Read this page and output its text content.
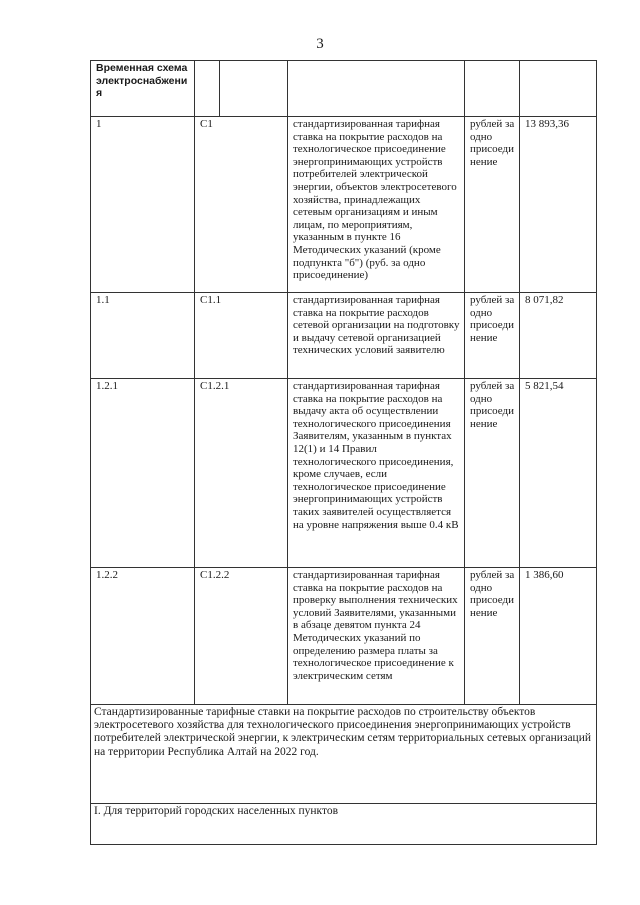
3
Временная схема электроснабжения					
1	С1		стандартизированная тарифная ставка на покрытие расходов на технологическое присоединение энергопринимающих устройств потребителей электрической энергии, объектов электросетевого хозяйства, принадлежащих сетевым организациям и иным лицам, по мероприятиям, указанным в пункте 16 Методических указаний (кроме подпункта "б") (руб. за одно присоединение)	рублей за одно присоединение	13 893,36
1.1	С1.1		стандартизированная тарифная ставка на покрытие расходов сетевой организации на подготовку и выдачу сетевой организацией технических условий заявителю	рублей за одно присоединение	8 071,82
1.2.1	С1.2.1		стандартизированная тарифная ставка на покрытие расходов на выдачу акта об осуществлении технологического присоединения Заявителям, указанным в пунктах 12(1) и 14 Правил технологического присоединения, кроме случаев, если технологическое присоединение энергопринимающих устройств таких заявителей осуществляется на уровне напряжения выше 0.4 кВ	рублей за одно присоединение	5 821,54
1.2.2	С1.2.2		стандартизированная тарифная ставка на покрытие расходов на проверку выполнения технических условий Заявителями, указанными в абзаце девятом пункта 24 Методических указаний по определению размера платы за технологическое присоединение к электрическим сетям	рублей за одно присоединение	1 386,60
Стандартизированные тарифные ставки на покрытие расходов по строительству объектов электросетевого хозяйства для технологического присоединения энергопринимающих устройств потребителей электрической энергии, к электрическим сетям территориальных сетевых организаций на территории Республика Алтай на 2022 год.					
I. Для территорий городских населенных пунктов					
